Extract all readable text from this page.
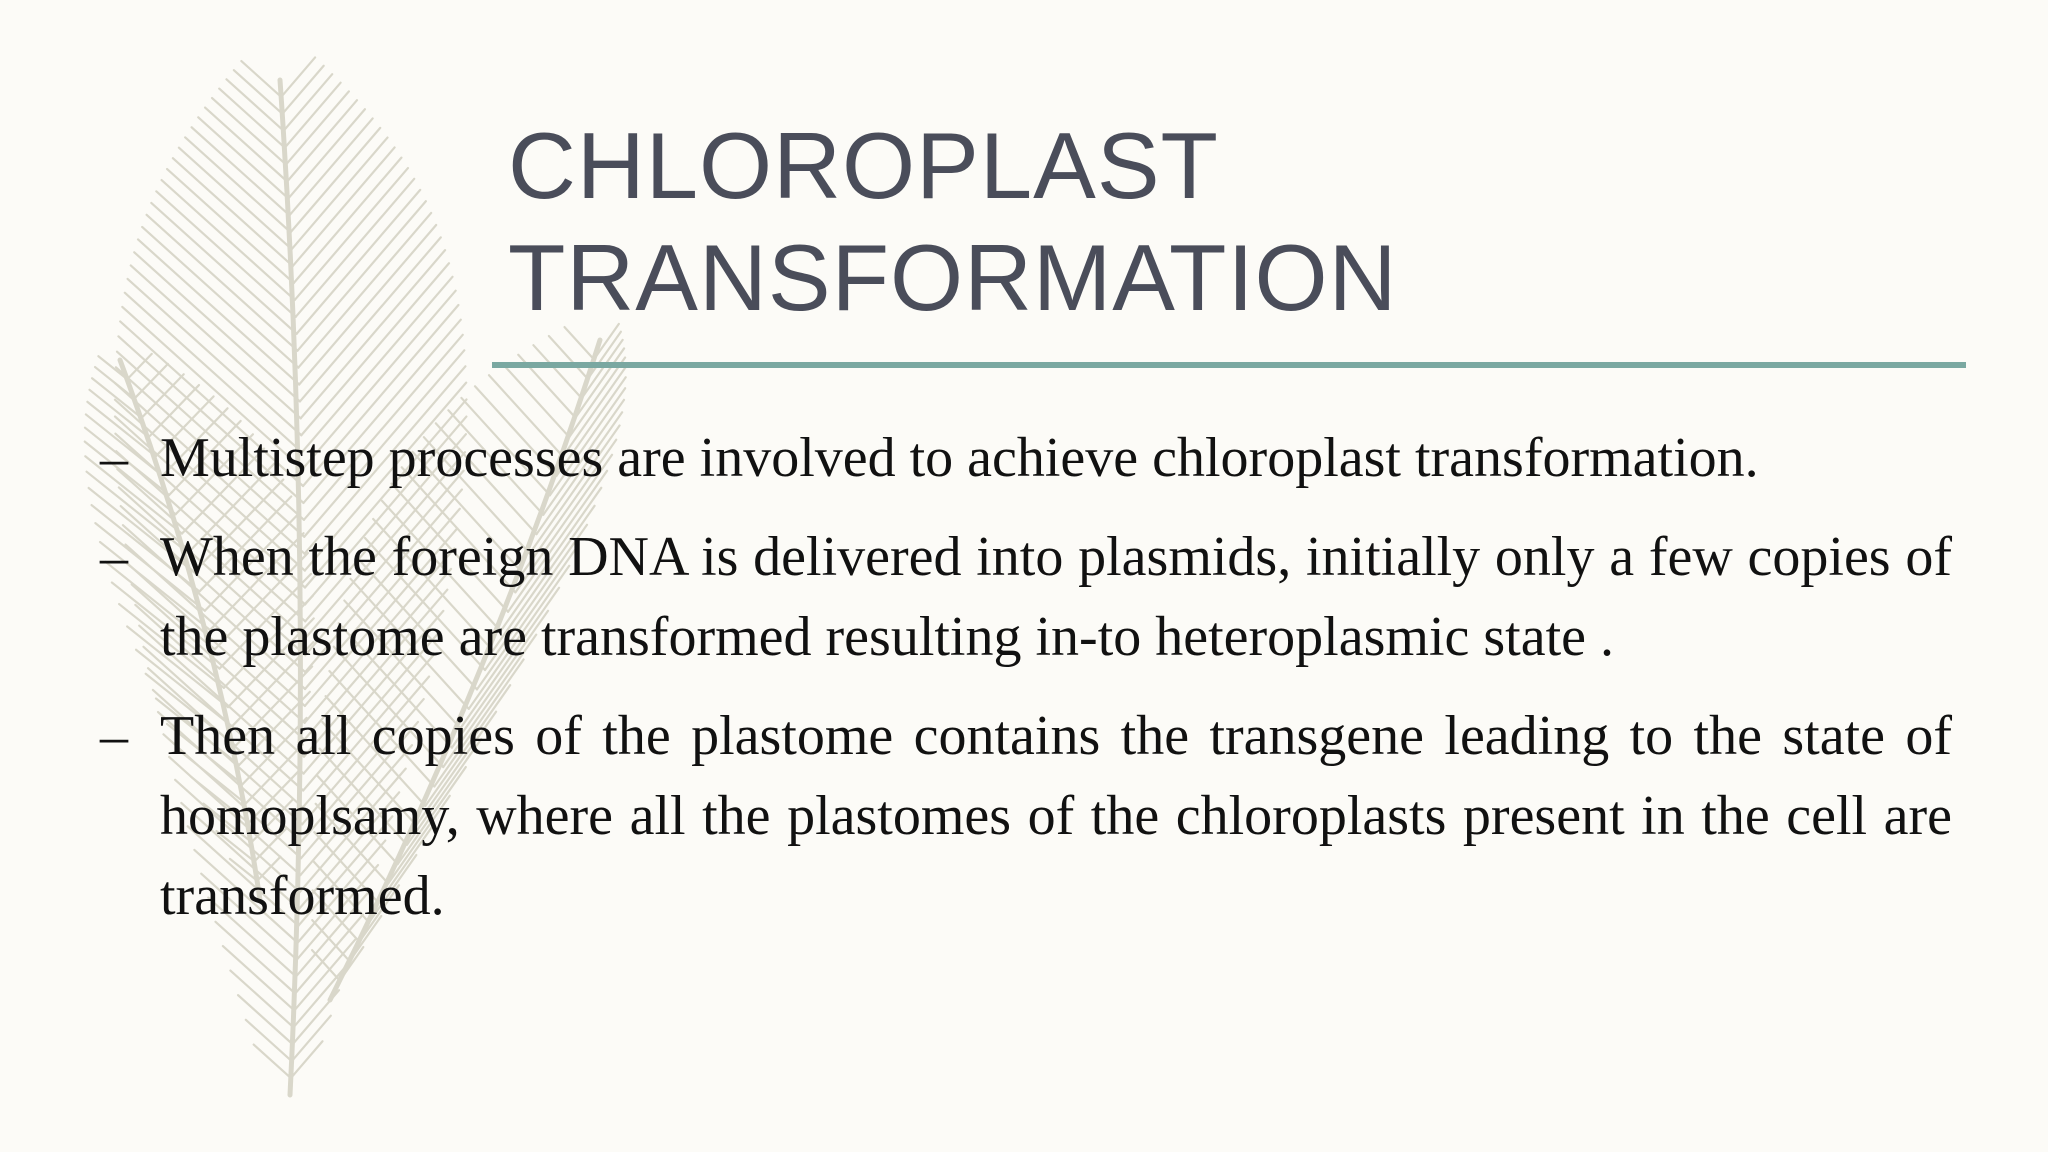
CHLOROPLAST
TRANSFORMATION
– Multistep processes are involved to achieve chloroplast transformation.
– When the foreign DNA is delivered into plasmids, initially only a few copies of the plastome are transformed resulting in-to heteroplasmic state .
– Then all copies of the plastome contains the transgene leading to the state of homoplsamy, where all the plastomes of the chloroplasts present in the cell are transformed.
